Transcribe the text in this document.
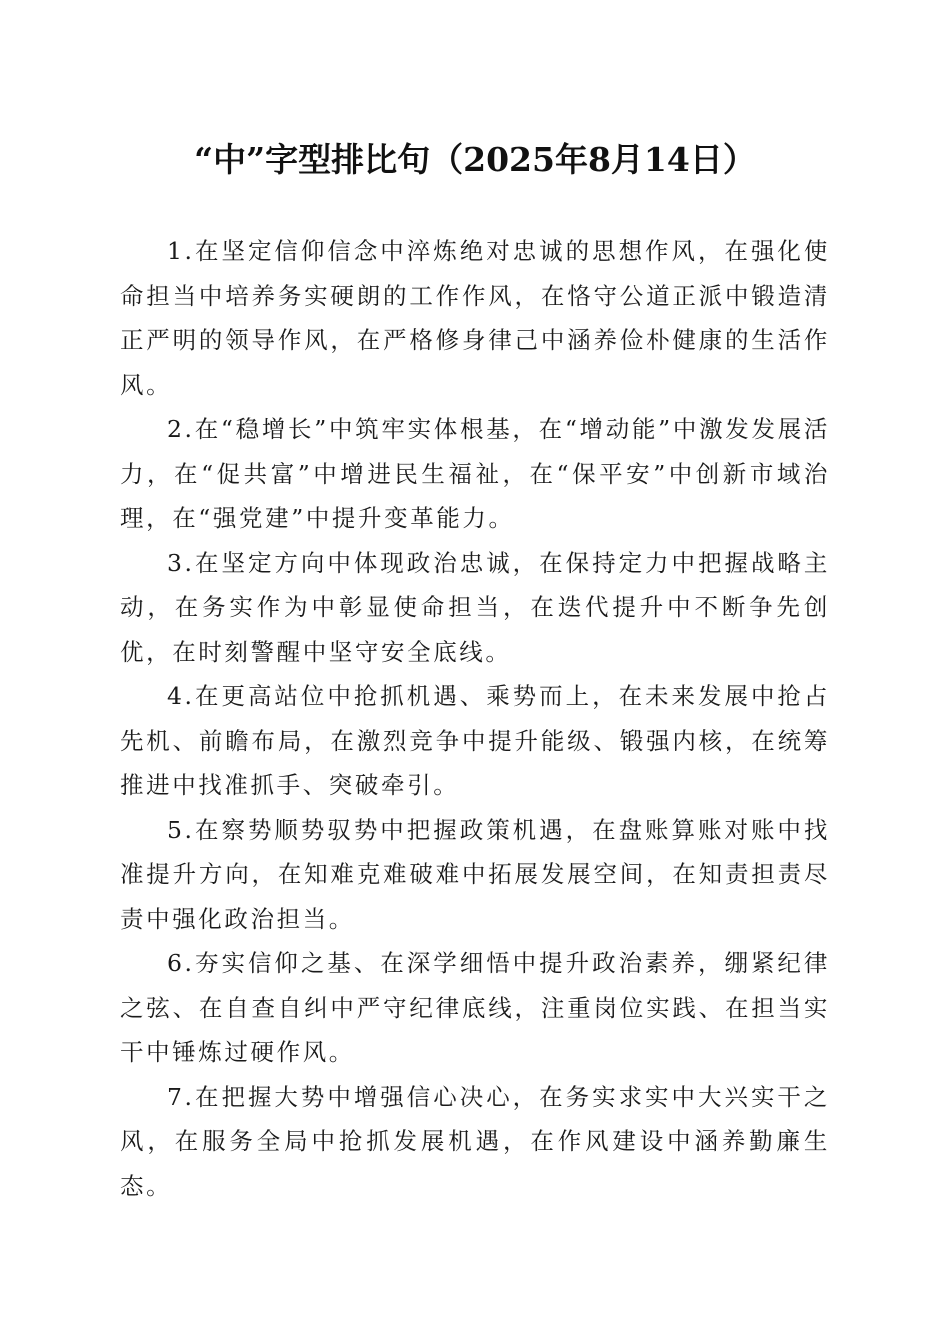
“中”字型排比句（2025年8月14日）

1.在坚定信仰信念中淬炼绝对忠诚的思想作风，在强化使命担当中培养务实硬朗的工作作风，在恪守公道正派中锻造清正严明的领导作风，在严格修身律己中涵养俭朴健康的生活作风。

2.在“稳增长”中筑牢实体根基，在“增动能”中激发发展活力，在“促共富”中增进民生福祉，在“保平安”中创新市域治理，在“强党建”中提升变革能力。

3.在坚定方向中体现政治忠诚，在保持定力中把握战略主动，在务实作为中彰显使命担当，在迭代提升中不断争先创优，在时刻警醒中坚守安全底线。

4.在更高站位中抢抓机遇、乘势而上，在未来发展中抢占先机、前瞻布局，在激烈竞争中提升能级、锻强内核，在统筹推进中找准抓手、突破牵引。

5.在察势顺势驭势中把握政策机遇，在盘账算账对账中找准提升方向，在知难克难破难中拓展发展空间，在知责担责尽责中强化政治担当。

6.夯实信仰之基、在深学细悟中提升政治素养，绷紧纪律之弦、在自查自纠中严守纪律底线，注重岗位实践、在担当实干中锤炼过硬作风。

7.在把握大势中增强信心决心，在务实求实中大兴实干之风，在服务全局中抢抓发展机遇，在作风建设中涵养勤廉生态。
